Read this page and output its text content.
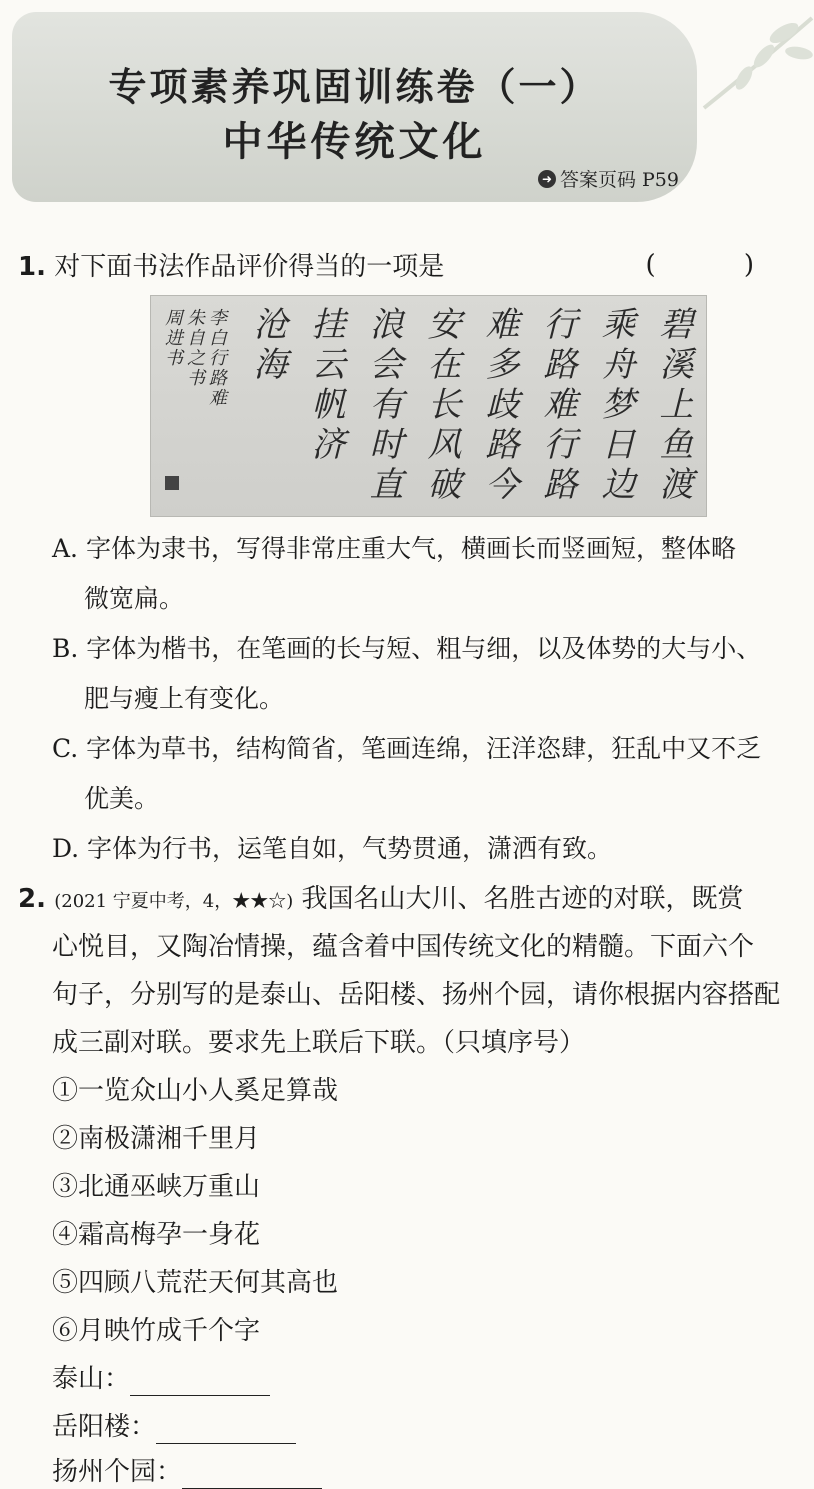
专项素养巩固训练卷（一）
中华传统文化
➜ 答案页码 P59
1. 对下面书法作品评价得当的一项是	( )
碧溪上鱼渡
乘舟梦日边
行路难行路
难多歧路今
安在长风破
浪会有时直
挂云帆济
沧海
李白行路难
朱自之书
周进书
A. 字体为隶书，写得非常庄重大气，横画长而竖画短，整体略
微宽扁。
B. 字体为楷书，在笔画的长与短、粗与细，以及体势的大与小、
肥与瘦上有变化。
C. 字体为草书，结构简省，笔画连绵，汪洋恣肆，狂乱中又不乏
优美。
D. 字体为行书，运笔自如，气势贯通，潇洒有致。
2. (2021 宁夏中考，4，★★☆) 我国名山大川、名胜古迹的对联，既赏
心悦目，又陶冶情操，蕴含着中国传统文化的精髓。下面六个
句子，分别写的是泰山、岳阳楼、扬州个园，请你根据内容搭配
成三副对联。要求先上联后下联。（只填序号）
①一览众山小人奚足算哉
②南极潇湘千里月
③北通巫峡万重山
④霜高梅孕一身花
⑤四顾八荒茫天何其高也
⑥月映竹成千个字
泰山：
岳阳楼：
扬州个园：
